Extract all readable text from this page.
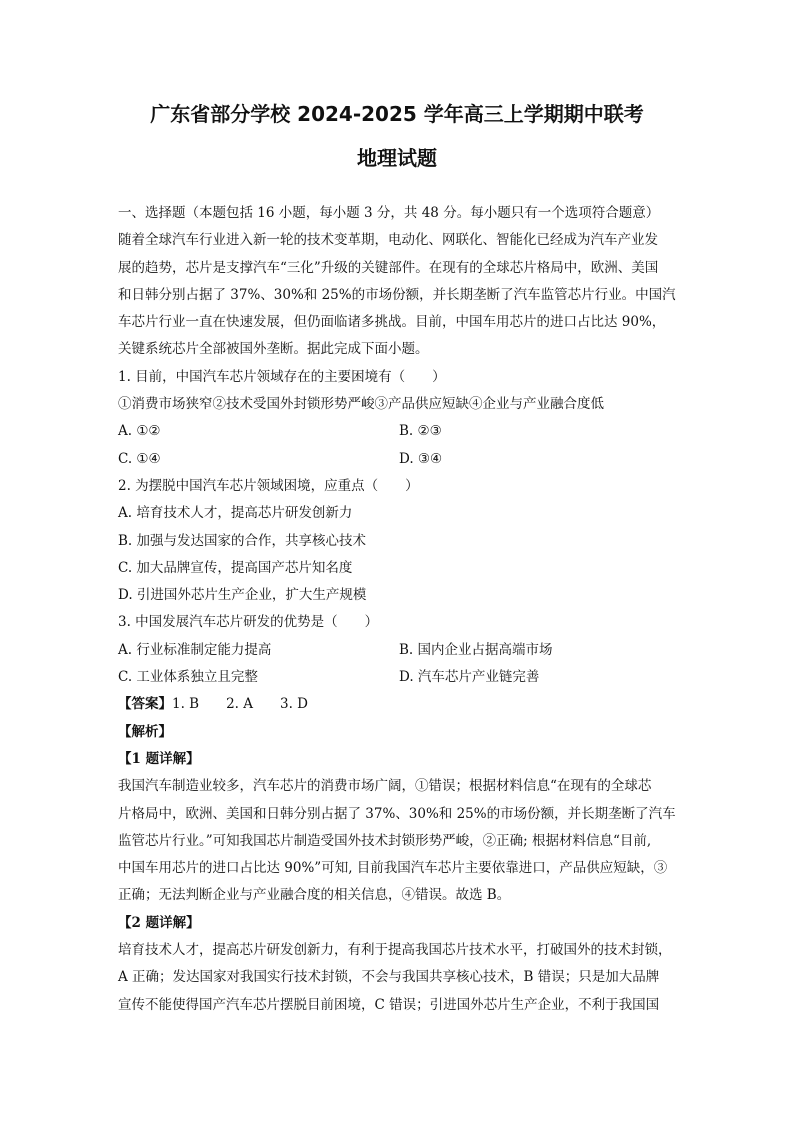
广东省部分学校 2024-2025 学年高三上学期期中联考
地理试题

一、选择题（本题包括 16 小题，每小题 3 分，共 48 分。每小题只有一个选项符合题意）

随着全球汽车行业进入新一轮的技术变革期，电动化、网联化、智能化已经成为汽车产业发

展的趋势，芯片是支撑汽车“三化”升级的关键部件。在现有的全球芯片格局中，欧洲、美国

和日韩分别占据了 37%、30%和 25%的市场份额，并长期垄断了汽车监管芯片行业。中国汽

车芯片行业一直在快速发展，但仍面临诸多挑战。目前，中国车用芯片的进口占比达 90%，

关键系统芯片全部被国外垄断。据此完成下面小题。

1. 目前，中国汽车芯片领域存在的主要困境有（　　）

①消费市场狭窄②技术受国外封锁形势严峻③产品供应短缺④企业与产业融合度低

A. ①②	B. ②③
C. ①④	D. ③④

2. 为摆脱中国汽车芯片领域困境，应重点（　　）

A. 培育技术人才，提高芯片研发创新力

B. 加强与发达国家的合作，共享核心技术

C. 加大品牌宣传，提高国产芯片知名度

D. 引进国外芯片生产企业，扩大生产规模

3. 中国发展汽车芯片研发的优势是（　　）

A. 行业标准制定能力提高	B. 国内企业占据高端市场
C. 工业体系独立且完整	D. 汽车芯片产业链完善

【答案】1. B　　2. A　　3. D

【解析】

【1 题详解】

我国汽车制造业较多，汽车芯片的消费市场广阔，①错误；根据材料信息“在现有的全球芯

片格局中，欧洲、美国和日韩分别占据了 37%、30%和 25%的市场份额，并长期垄断了汽车

监管芯片行业。”可知我国芯片制造受国外技术封锁形势严峻，②正确; 根据材料信息“目前,

中国车用芯片的进口占比达 90%”可知, 目前我国汽车芯片主要依靠进口，产品供应短缺，③

正确；无法判断企业与产业融合度的相关信息，④错误。故选 B。

【2 题详解】

培育技术人才，提高芯片研发创新力，有利于提高我国芯片技术水平，打破国外的技术封锁，

A 正确；发达国家对我国实行技术封锁，不会与我国共享核心技术，B 错误；只是加大品牌

宣传不能使得国产汽车芯片摆脱目前困境，C 错误；引进国外芯片生产企业，不利于我国国
